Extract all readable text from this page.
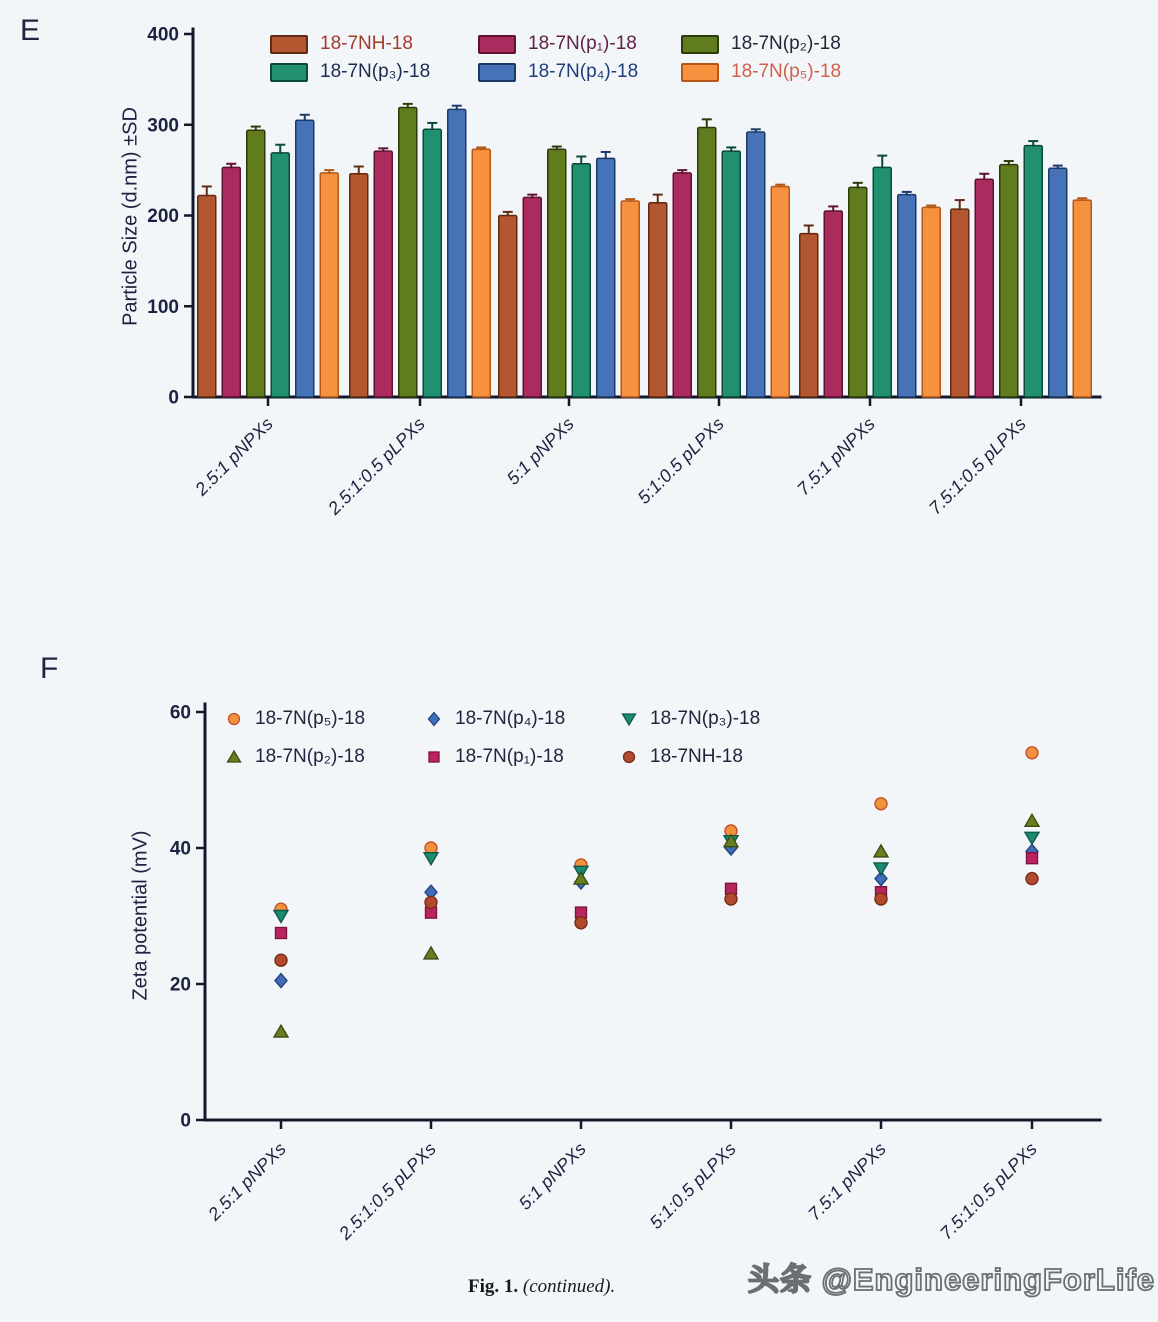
0
100
200
300
400
2.5:1 pNPXs	2.5:1:0.5 pLPXs	5:1 pNPXs	5:1:0.5 pLPXs	7.5:1 pNPXs	7.5:1:0.5 pLPXs
0
20
40
60
2.5:1 pNPXs	2.5:1:0.5 pLPXs	5:1 pNPXs	5:1:0.5 pLPXs	7.5:1 pNPXs	7.5:1:0.5 pLPXs
E
Particle Size (d.nm) ±SD
18-7NH-18	18-7N(p₁)-18	18-7N(p₂)-18
18-7N(p₃)-18	18-7N(p₄)-18	18-7N(p₅)-18
F
Zeta potential (mV)
18-7N(p₅)-18	18-7N(p₄)-18	18-7N(p₃)-18
18-7N(p₂)-18	18-7N(p₁)-18	18-7NH-18
Fig. 1. (continued).	头条 @EngineeringForLife
